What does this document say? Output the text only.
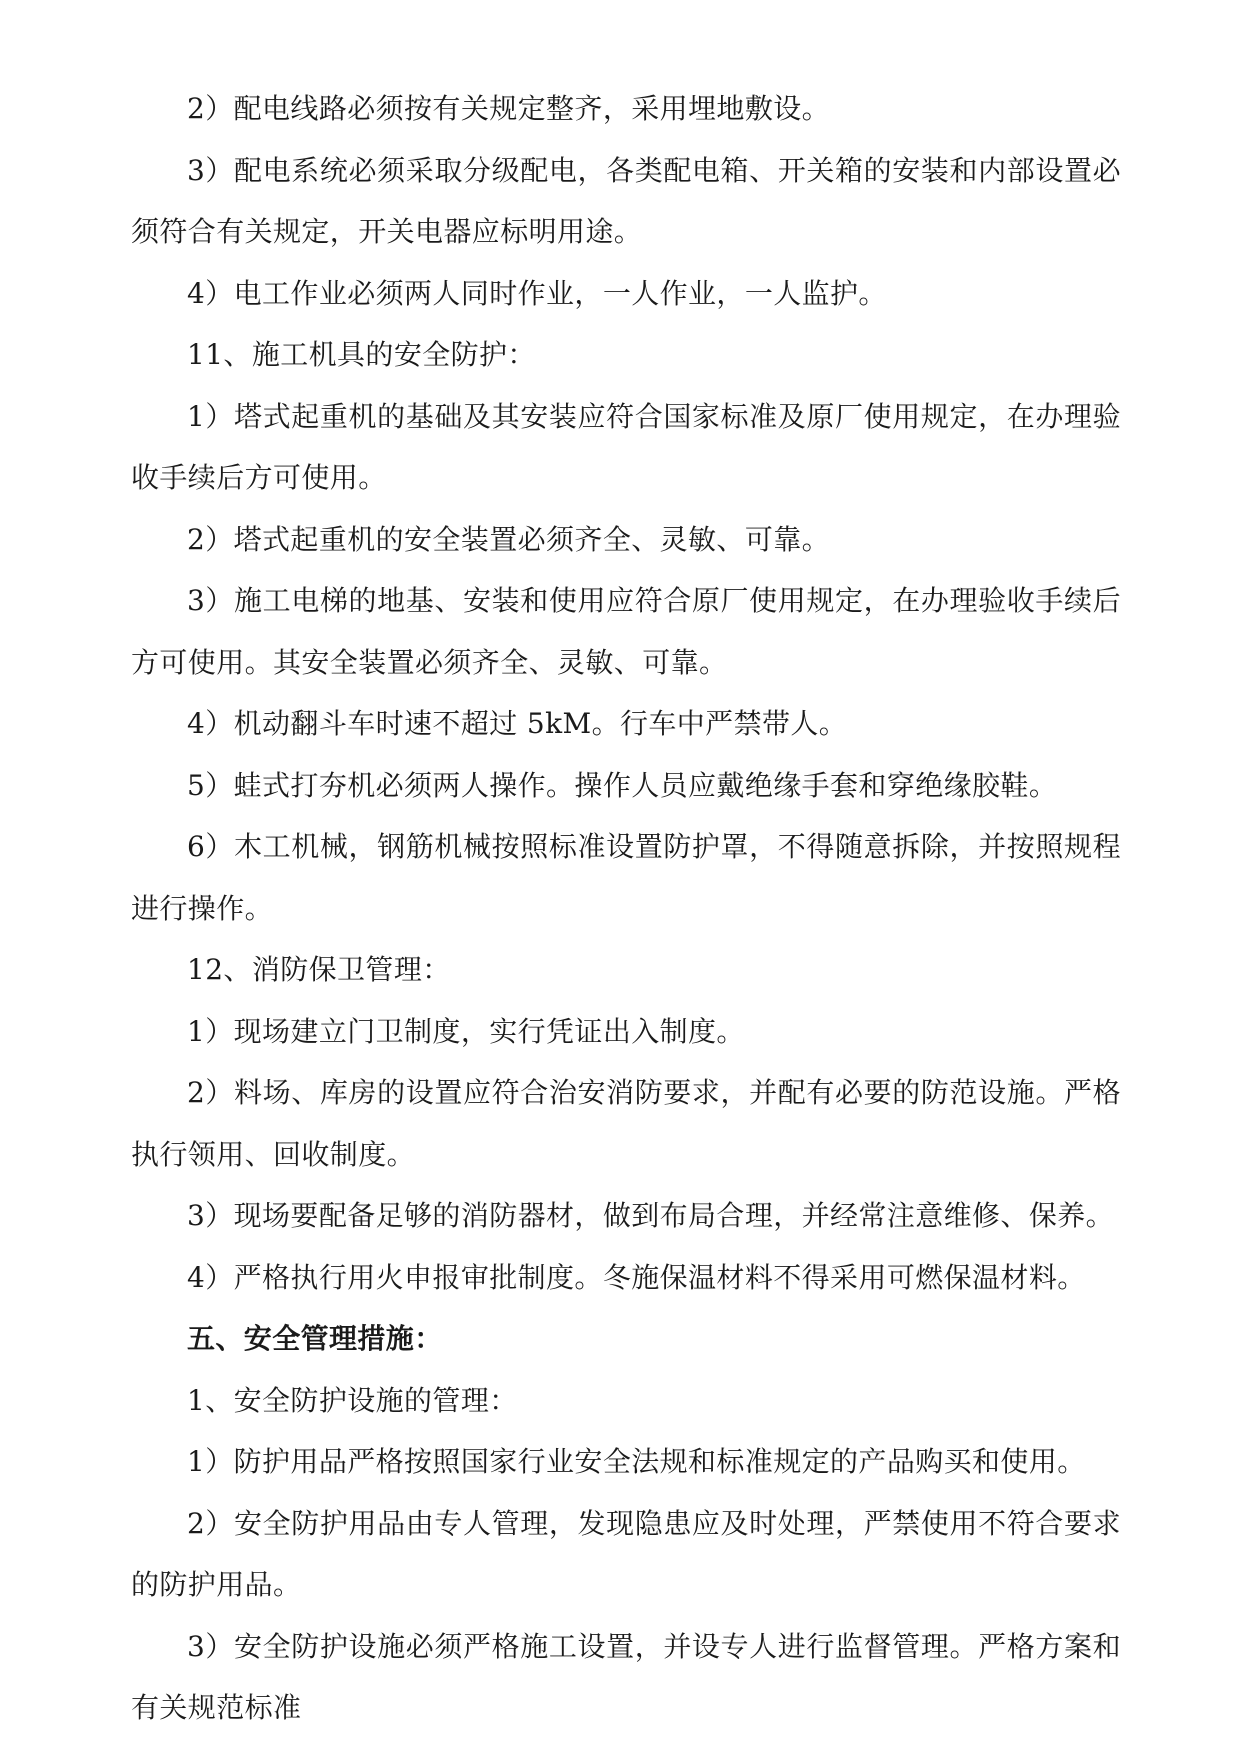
2）配电线路必须按有关规定整齐，采用埋地敷设。

3）配电系统必须采取分级配电，各类配电箱、开关箱的安装和内部设置必须符合有关规定，开关电器应标明用途。

4）电工作业必须两人同时作业，一人作业，一人监护。

11、施工机具的安全防护：

1）塔式起重机的基础及其安装应符合国家标准及原厂使用规定，在办理验收手续后方可使用。

2）塔式起重机的安全装置必须齐全、灵敏、可靠。

3）施工电梯的地基、安装和使用应符合原厂使用规定，在办理验收手续后方可使用。其安全装置必须齐全、灵敏、可靠。

4）机动翻斗车时速不超过 5kM。行车中严禁带人。

5）蛙式打夯机必须两人操作。操作人员应戴绝缘手套和穿绝缘胶鞋。

6）木工机械，钢筋机械按照标准设置防护罩，不得随意拆除，并按照规程进行操作。

12、消防保卫管理：

1）现场建立门卫制度，实行凭证出入制度。

2）料场、库房的设置应符合治安消防要求，并配有必要的防范设施。严格执行领用、回收制度。

3）现场要配备足够的消防器材，做到布局合理，并经常注意维修、保养。

4）严格执行用火申报审批制度。冬施保温材料不得采用可燃保温材料。

五、安全管理措施：

1、安全防护设施的管理：

1）防护用品严格按照国家行业安全法规和标准规定的产品购买和使用。

2）安全防护用品由专人管理，发现隐患应及时处理，严禁使用不符合要求的防护用品。

3）安全防护设施必须严格施工设置，并设专人进行监督管理。严格方案和有关规范标准
